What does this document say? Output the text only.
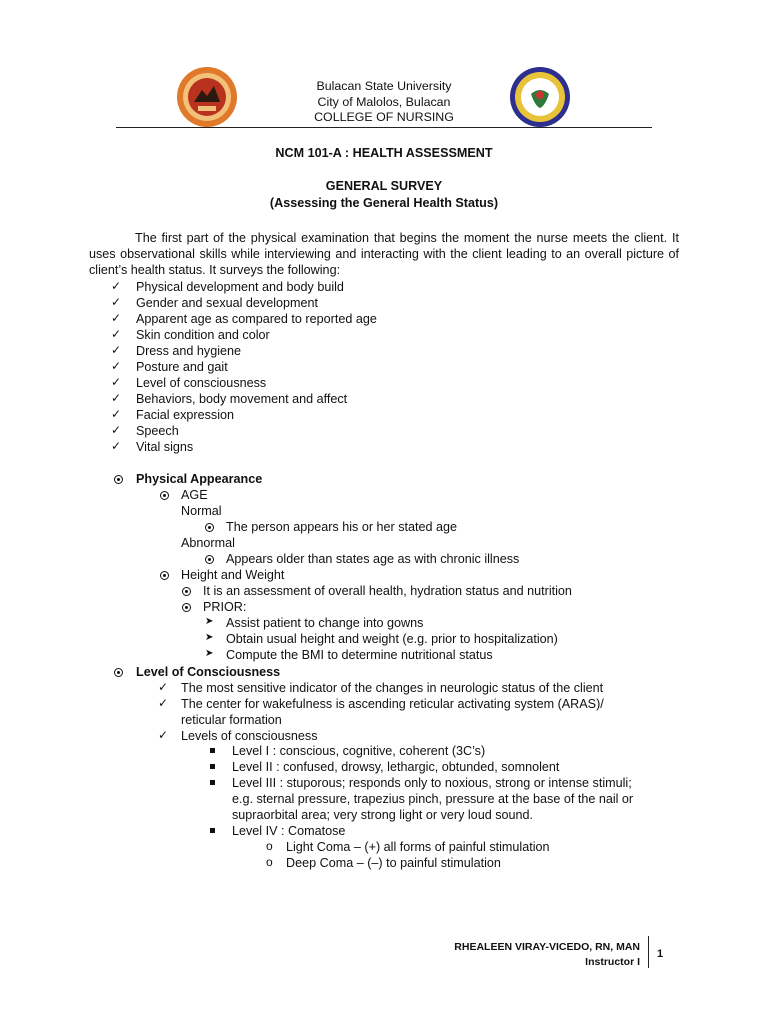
Bulacan State University
City of Malolos, Bulacan
COLLEGE OF NURSING
NCM 101-A : HEALTH ASSESSMENT
GENERAL SURVEY
(Assessing the General Health Status)
The first part of the physical examination that begins the moment the nurse meets the client. It uses observational skills while interviewing and interacting with the client leading to an overall picture of client’s health status. It surveys the following:
✓ Physical development and body build
✓ Gender and sexual development
✓ Apparent age as compared to reported age
✓ Skin condition and color
✓ Dress and hygiene
✓ Posture and gait
✓ Level of consciousness
✓ Behaviors, body movement and affect
✓ Facial expression
✓ Speech
✓ Vital signs
Physical Appearance
AGE
Normal
The person appears his or her stated age
Abnormal
Appears older than states age as with chronic illness
Height and Weight
It is an assessment of overall health, hydration status and nutrition
PRIOR:
➤ Assist patient to change into gowns
➤ Obtain usual height and weight (e.g. prior to hospitalization)
➤ Compute the BMI to determine nutritional status
Level of Consciousness
✓ The most sensitive indicator of the changes in neurologic status of the client
✓ The center for wakefulness is ascending reticular activating system (ARAS)/
reticular formation
✓ Levels of consciousness
Level I : conscious, cognitive, coherent (3C’s)
Level II : confused, drowsy, lethargic, obtunded, somnolent
Level III : stuporous; responds only to noxious, strong or intense stimuli;
e.g. sternal pressure, trapezius pinch, pressure at the base of the nail or
supraorbital area; very strong light or very loud sound.
Level IV : Comatose
o Light Coma – (+) all forms of painful stimulation
o Deep Coma – (–) to painful stimulation
RHEALEEN VIRAY-VICEDO, RN, MAN
Instructor I
1
